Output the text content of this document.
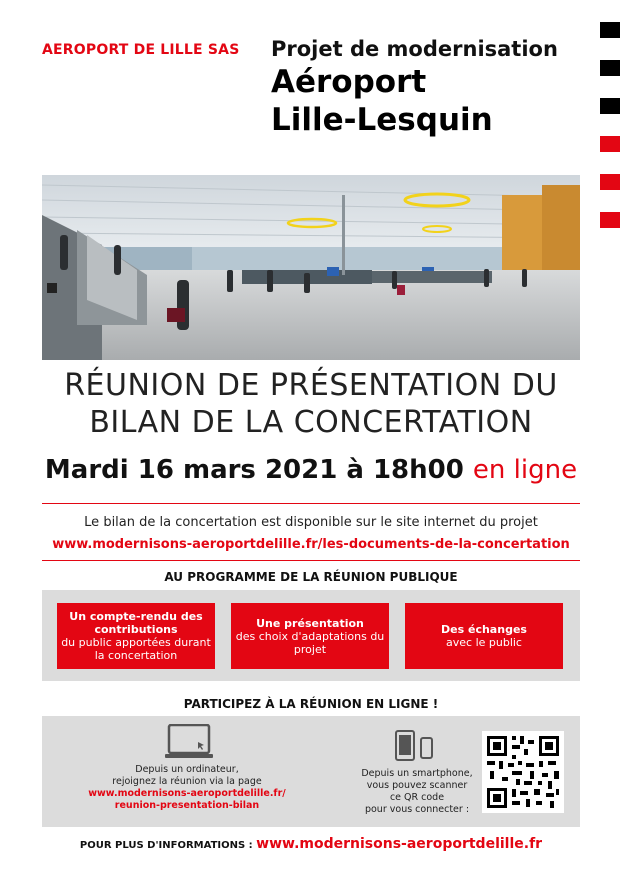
AEROPORT DE LILLE SAS Projet de modernisation
Aéroport
Lille-Lesquin
RÉUNION DE PRÉSENTATION DU
BILAN DE LA CONCERTATION
Mardi 16 mars 2021 à 18h00 en ligne
Le bilan de la concertation est disponible sur le site internet du projet
www.modernisons-aeroportdelille.fr/les-documents-de-la-concertation
AU PROGRAMME DE LA RÉUNION PUBLIQUE
Un compte-rendu des contributions
du public apportées durant la concertation
Une présentation
des choix d'adaptations du projet
Des échanges
avec le public
PARTICIPEZ À LA RÉUNION EN LIGNE !
Depuis un ordinateur,
rejoignez la réunion via la page
www.modernisons-aeroportdelille.fr/
reunion-presentation-bilan
Depuis un smartphone,
vous pouvez scanner
ce QR code
pour vous connecter :
POUR PLUS D'INFORMATIONS : www.modernisons-aeroportdelille.fr
